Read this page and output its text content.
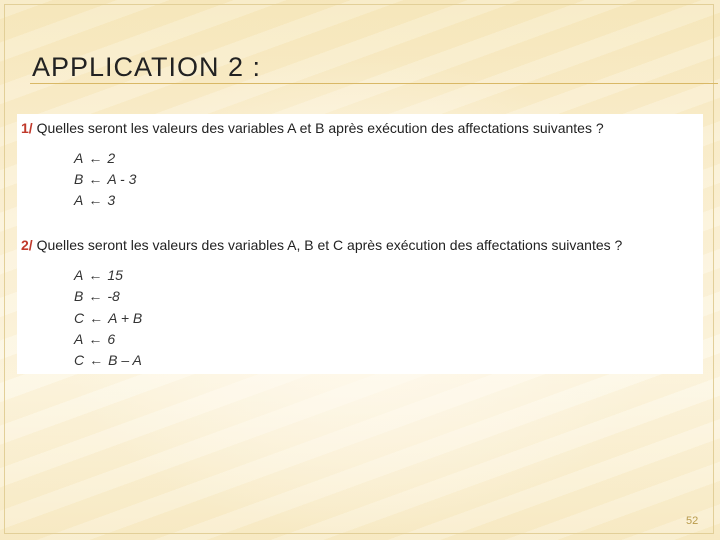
APPLICATION 2 :

1/ Quelles seront les valeurs des variables A et B après exécution des affectations suivantes ?

A ← 2

B ← A - 3

A ← 3

2/ Quelles seront les valeurs des variables A, B et C après exécution des affectations suivantes ?

A ← 15

B ← -8

C ← A + B

A ← 6

C ← B – A

52
